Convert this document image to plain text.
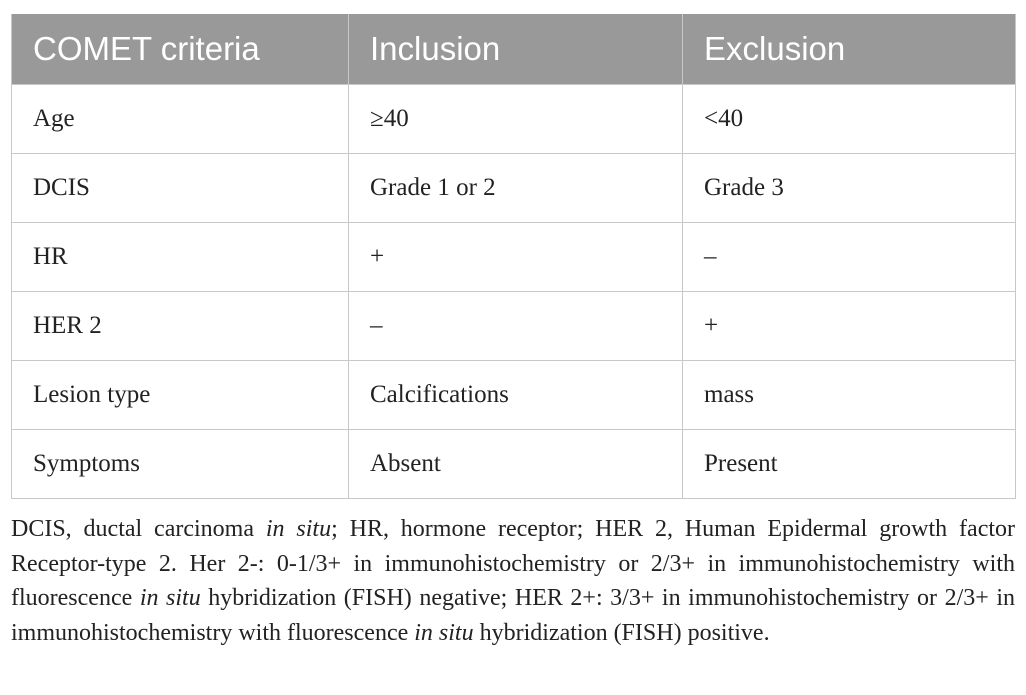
COMET criteria	Inclusion	Exclusion
Age	≥40	<40
DCIS	Grade 1 or 2	Grade 3
HR	+	–
HER 2	–	+
Lesion type	Calcifications	mass
Symptoms	Absent	Present

DCIS, ductal carcinoma in situ; HR, hormone receptor; HER 2, Human Epidermal growth factor Receptor-type 2. Her 2-: 0-1/3+ in immunohistochemistry or 2/3+ in immunohistochemistry with fluorescence in situ hybridization (FISH) negative; HER 2+: 3/3+ in immunohistochemistry or 2/3+ in immunohistochemistry with fluorescence in situ hybridization (FISH) positive.
